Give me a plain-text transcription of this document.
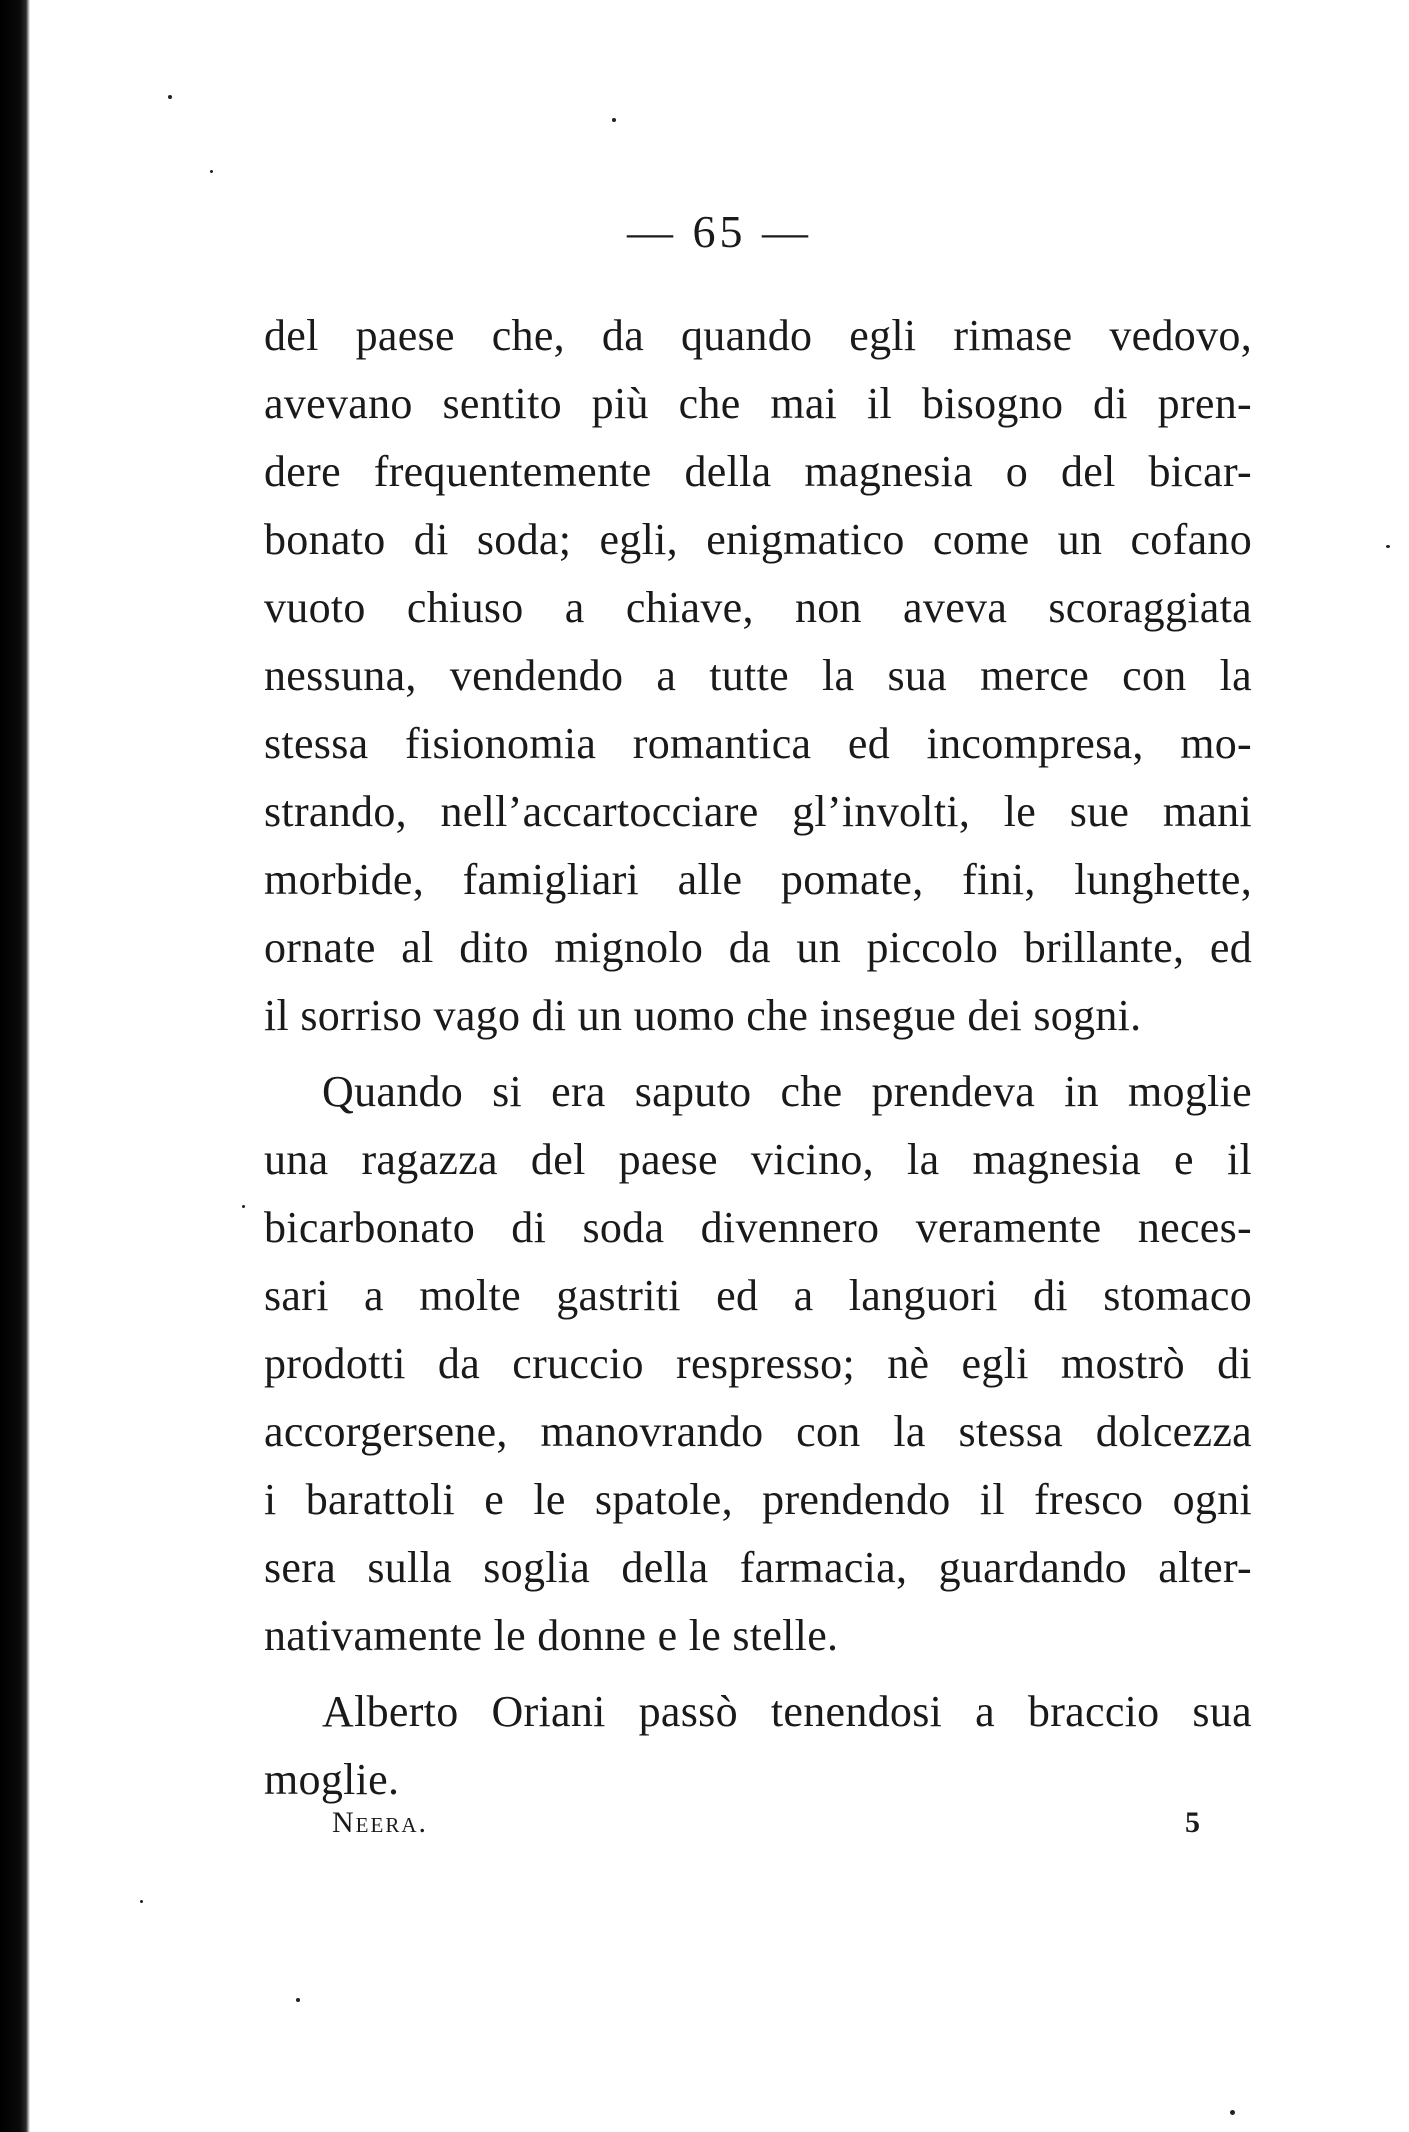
— 65 —
del paese che, da quando egli rimase vedovo,
avevano sentito più che mai il bisogno di pren-
dere frequentemente della magnesia o del bicar-
bonato di soda; egli, enigmatico come un cofano
vuoto chiuso a chiave, non aveva scoraggiata
nessuna, vendendo a tutte la sua merce con la
stessa fisionomia romantica ed incompresa, mo-
strando, nell’accartocciare gl’involti, le sue mani
morbide, famigliari alle pomate, fini, lunghette,
ornate al dito mignolo da un piccolo brillante, ed
il sorriso vago di un uomo che insegue dei sogni.
Quando si era saputo che prendeva in moglie
una ragazza del paese vicino, la magnesia e il
bicarbonato di soda divennero veramente neces-
sari a molte gastriti ed a languori di stomaco
prodotti da cruccio respresso; nè egli mostrò di
accorgersene, manovrando con la stessa dolcezza
i barattoli e le spatole, prendendo il fresco ogni
sera sulla soglia della farmacia, guardando alter-
nativamente le donne e le stelle.
Alberto Oriani passò tenendosi a braccio sua
moglie.
Neera.	5
